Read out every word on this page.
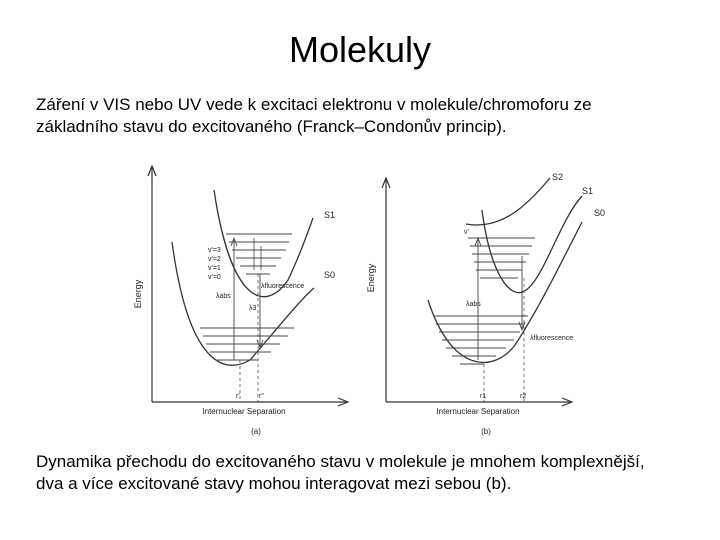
Molekuly

Záření v VIS nebo UV vede k excitaci elektronu v molekule/chromoforu ze
základního stavu do excitovaného (Franck–Condonův princip).

Energy
S1
S0
v'=3
v'=2
v'=1
v'=0
λfluorescence
λabs
λ3
r'	r"
Internuclear Separation
(a)
Energy
S2
S1
S0
v'
λabs
λfluorescence
r1	r2
Internuclear Separation
(b)

Dynamika přechodu do excitovaného stavu v molekule je mnohem komplexnější,
dva a více excitované stavy mohou interagovat mezi sebou (b).
